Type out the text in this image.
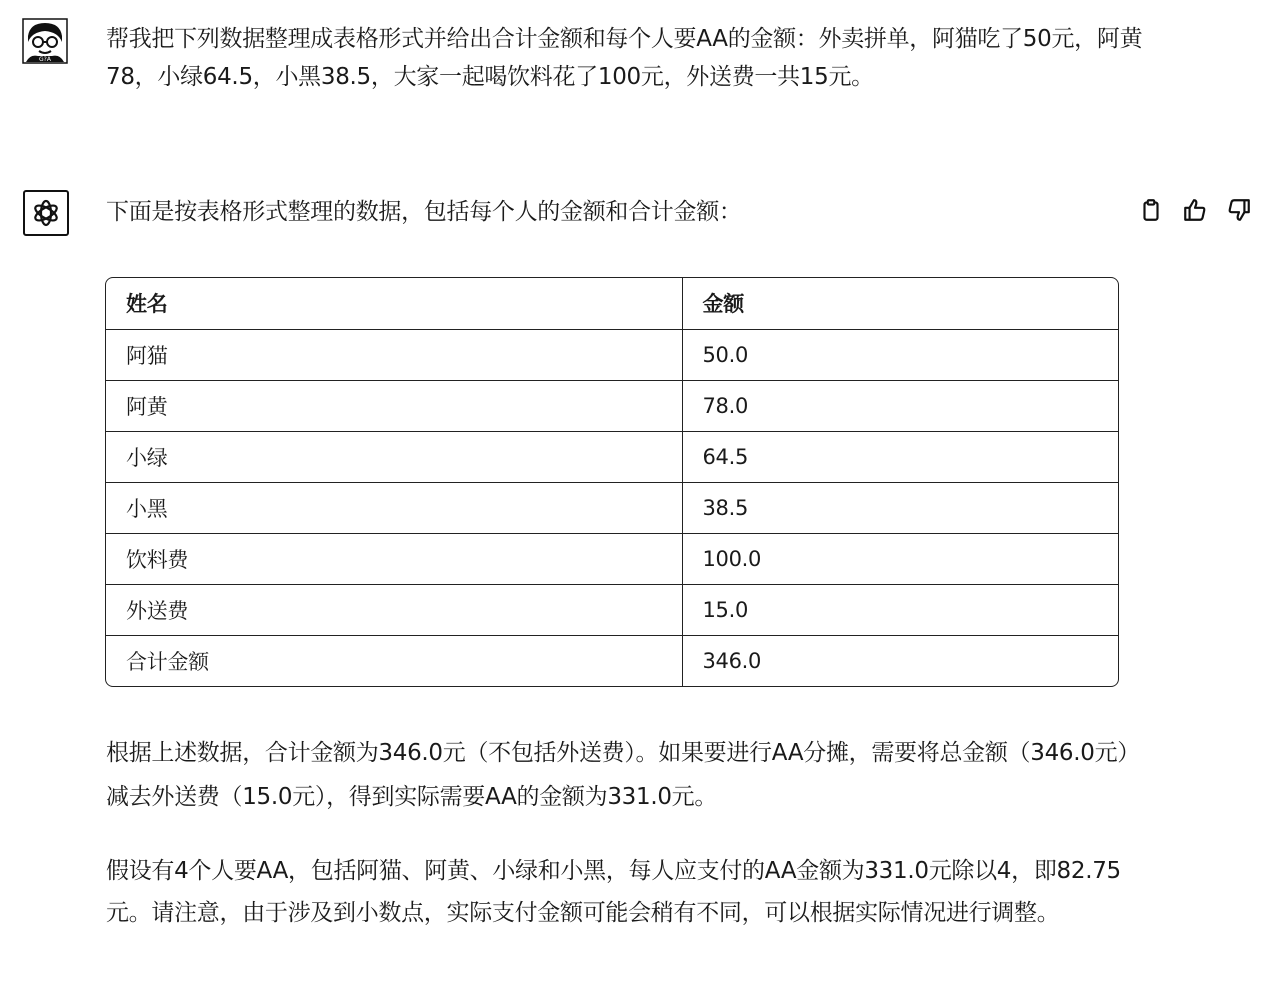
G?A
帮我把下列数据整理成表格形式并给出合计金额和每个人要AA的金额：外卖拼单，阿猫吃了50元，阿黄78，小绿64.5，小黑38.5，大家一起喝饮料花了100元，外送费一共15元。
下面是按表格形式整理的数据，包括每个人的金额和合计金额：
姓名	金额
阿猫	50.0
阿黄	78.0
小绿	64.5
小黑	38.5
饮料费	100.0
外送费	15.0
合计金额	346.0
根据上述数据，合计金额为346.0元（不包括外送费）。如果要进行AA分摊，需要将总金额（346.0元）减去外送费（15.0元），得到实际需要AA的金额为331.0元。
假设有4个人要AA，包括阿猫、阿黄、小绿和小黑，每人应支付的AA金额为331.0元除以4，即82.75元。请注意，由于涉及到小数点，实际支付金额可能会稍有不同，可以根据实际情况进行调整。
